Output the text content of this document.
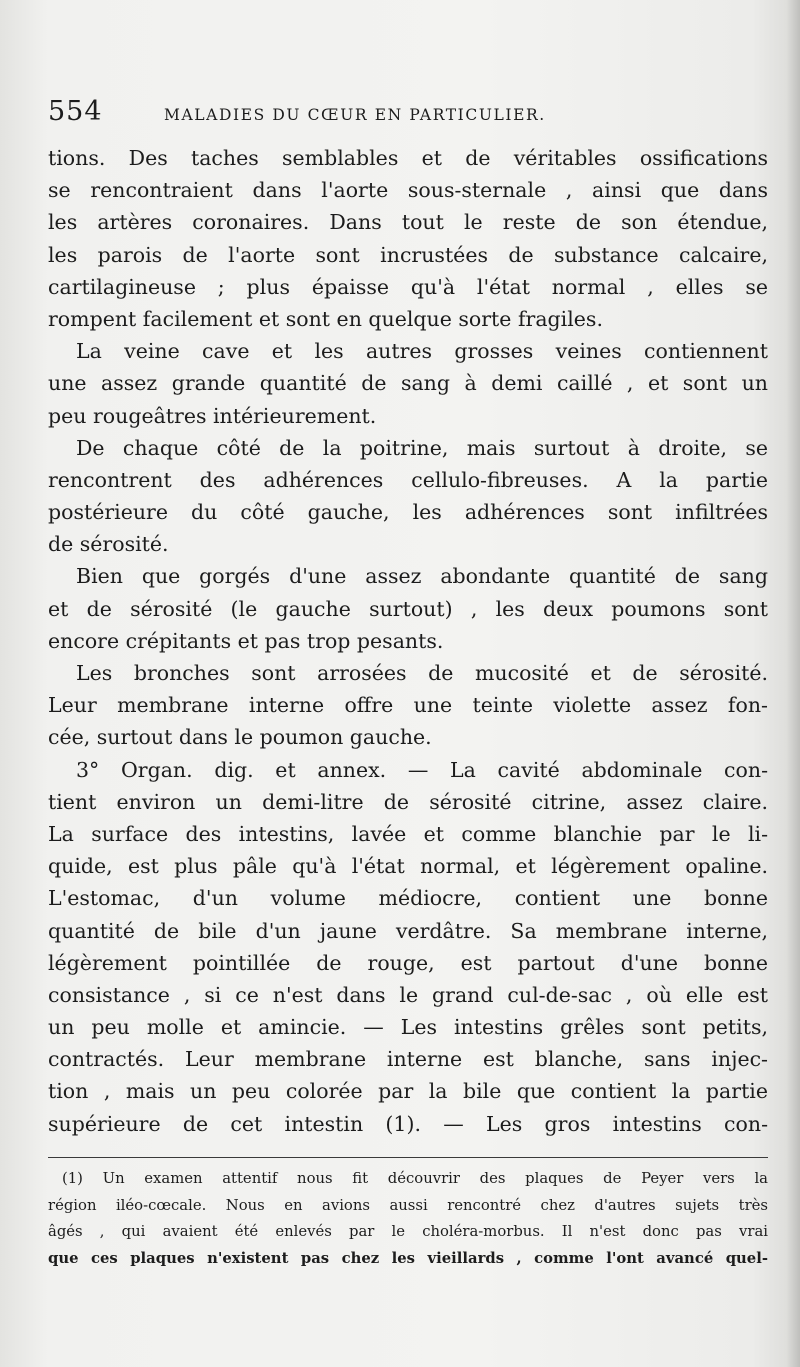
554	MALADIES DU CŒUR EN PARTICULIER.
tions. Des taches semblables et de véritables ossifications
se rencontraient dans l'aorte sous-sternale , ainsi que dans
les artères coronaires. Dans tout le reste de son étendue,
les parois de l'aorte sont incrustées de substance calcaire,
cartilagineuse ; plus épaisse qu'à l'état normal , elles se
rompent facilement et sont en quelque sorte fragiles.
La veine cave et les autres grosses veines contiennent
une assez grande quantité de sang à demi caillé , et sont un
peu rougeâtres intérieurement.
De chaque côté de la poitrine, mais surtout à droite, se
rencontrent des adhérences cellulo-fibreuses. A la partie
postérieure du côté gauche, les adhérences sont infiltrées
de sérosité.
Bien que gorgés d'une assez abondante quantité de sang
et de sérosité (le gauche surtout) , les deux poumons sont
encore crépitants et pas trop pesants.
Les bronches sont arrosées de mucosité et de sérosité.
Leur membrane interne offre une teinte violette assez fon-
cée, surtout dans le poumon gauche.
3° Organ. dig. et annex. — La cavité abdominale con-
tient environ un demi-litre de sérosité citrine, assez claire.
La surface des intestins, lavée et comme blanchie par le li-
quide, est plus pâle qu'à l'état normal, et légèrement opaline.
L'estomac, d'un volume médiocre, contient une bonne
quantité de bile d'un jaune verdâtre. Sa membrane interne,
légèrement pointillée de rouge, est partout d'une bonne
consistance , si ce n'est dans le grand cul-de-sac , où elle est
un peu molle et amincie. — Les intestins grêles sont petits,
contractés. Leur membrane interne est blanche, sans injec-
tion , mais un peu colorée par la bile que contient la partie
supérieure de cet intestin (1). — Les gros intestins con-
(1) Un examen attentif nous fit découvrir des plaques de Peyer vers la
région iléo-cœcale. Nous en avions aussi rencontré chez d'autres sujets très
âgés , qui avaient été enlevés par le choléra-morbus. Il n'est donc pas vrai
que ces plaques n'existent pas chez les vieillards , comme l'ont avancé quel-
